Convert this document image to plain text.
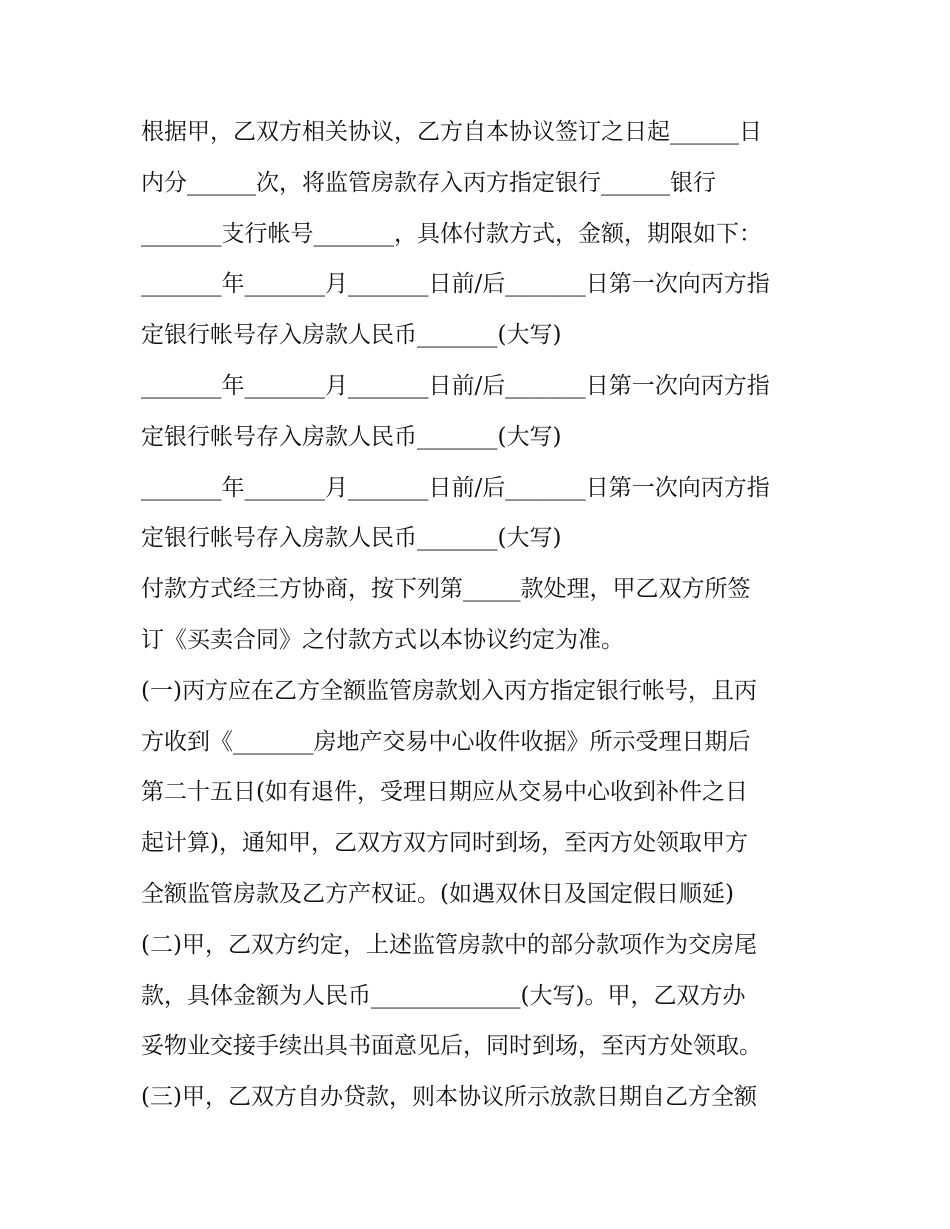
根据甲，乙双方相关协议，乙方自本协议签订之日起______日
内分______次，将监管房款存入丙方指定银行______银行
_______支行帐号_______，具体付款方式，金额，期限如下：
_______年_______月_______日前/后_______日第一次向丙方指
定银行帐号存入房款人民币_______(大写)
_______年_______月_______日前/后_______日第一次向丙方指
定银行帐号存入房款人民币_______(大写)
_______年_______月_______日前/后_______日第一次向丙方指
定银行帐号存入房款人民币_______(大写)
付款方式经三方协商，按下列第_____款处理，甲乙双方所签
订《买卖合同》之付款方式以本协议约定为准。
(一)丙方应在乙方全额监管房款划入丙方指定银行帐号，且丙
方收到《_______房地产交易中心收件收据》所示受理日期后
第二十五日(如有退件，受理日期应从交易中心收到补件之日
起计算)，通知甲，乙双方双方同时到场，至丙方处领取甲方
全额监管房款及乙方产权证。(如遇双休日及国定假日顺延)
(二)甲，乙双方约定，上述监管房款中的部分款项作为交房尾
款，具体金额为人民币_____________(大写)。甲，乙双方办
妥物业交接手续出具书面意见后，同时到场，至丙方处领取。
(三)甲，乙双方自办贷款，则本协议所示放款日期自乙方全额
